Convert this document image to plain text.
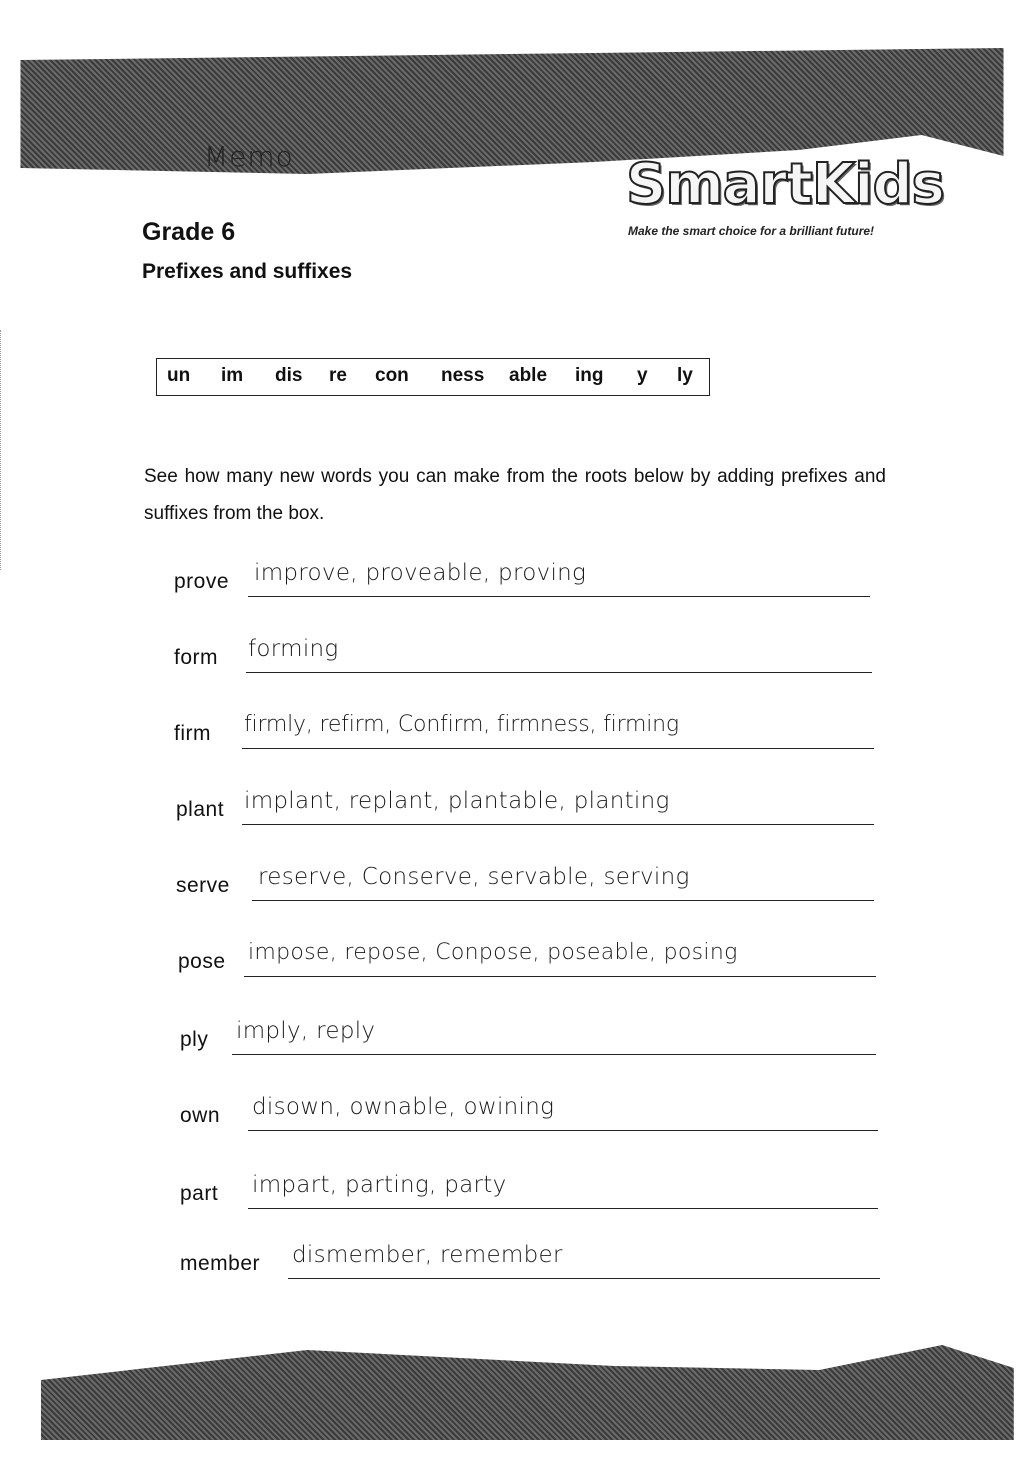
Memo	SmartKids
Make the smart choice for a brilliant future!
Grade 6
Prefixes and suffixes
un im dis re con ness able ing y ly
See how many new words you can make from the roots below by adding prefixes and suffixes from the box.
prove improve, proveable, proving
form forming
firm firmly, refirm, Confirm, firmness, firming
plant implant, replant, plantable, planting
serve reserve, Conserve, servable, serving
pose impose, repose, Conpose, poseable, posing
ply imply, reply
own disown, ownable, owining
part impart, parting, party
member dismember, remember
